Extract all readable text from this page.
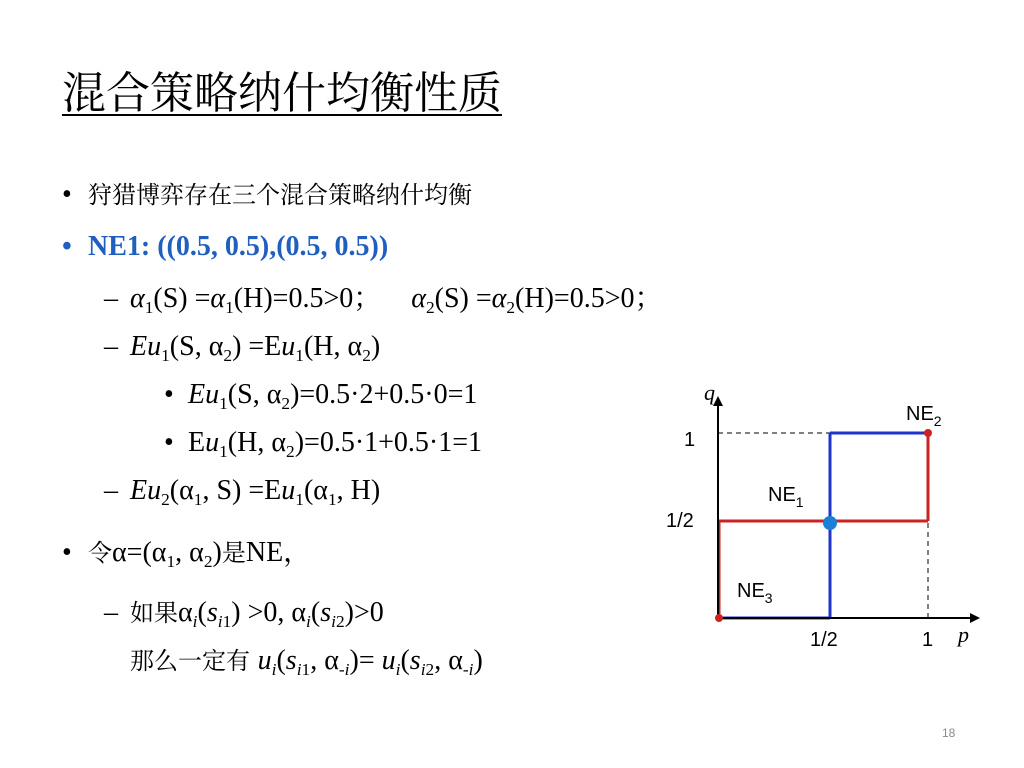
混合策略纳什均衡性质
• 狩猎博弈存在三个混合策略纳什均衡
• NE1: ((0.5, 0.5),(0.5, 0.5))
– $\alpha_1(S) =\alpha_1(H)=0.5>0$； $\alpha_2(S) =\alpha_2(H)=0.5>0$；
– $Eu_1(S$, $\alpha_2) =Eu_1(H$, $\alpha_2$)
• $Eu_1(S$, $\alpha_2)=0.5\cdot 2+0.5\cdot 0=1$
• $Eu_1(H$, $\alpha_2)=0.5\cdot 1+0.5\cdot 1=1$
– $Eu_2(\alpha_1$, $S) =Eu_1(\alpha_1$, H)
• 令$\alpha=(\alpha_1$, $\alpha_2$)是NE，
– 如果$\alpha_i(s_{i1}) >0$, $\alpha_i(s_{i2})>0$
那么一定有 $u_i(s_{i1}$, $\alpha_{-i})= u_i(s_{i2}$, $\alpha_{-i}$)
q
p
1
1/2
1/2	1
$NE_2$
$NE_1$
$NE_3$
18
